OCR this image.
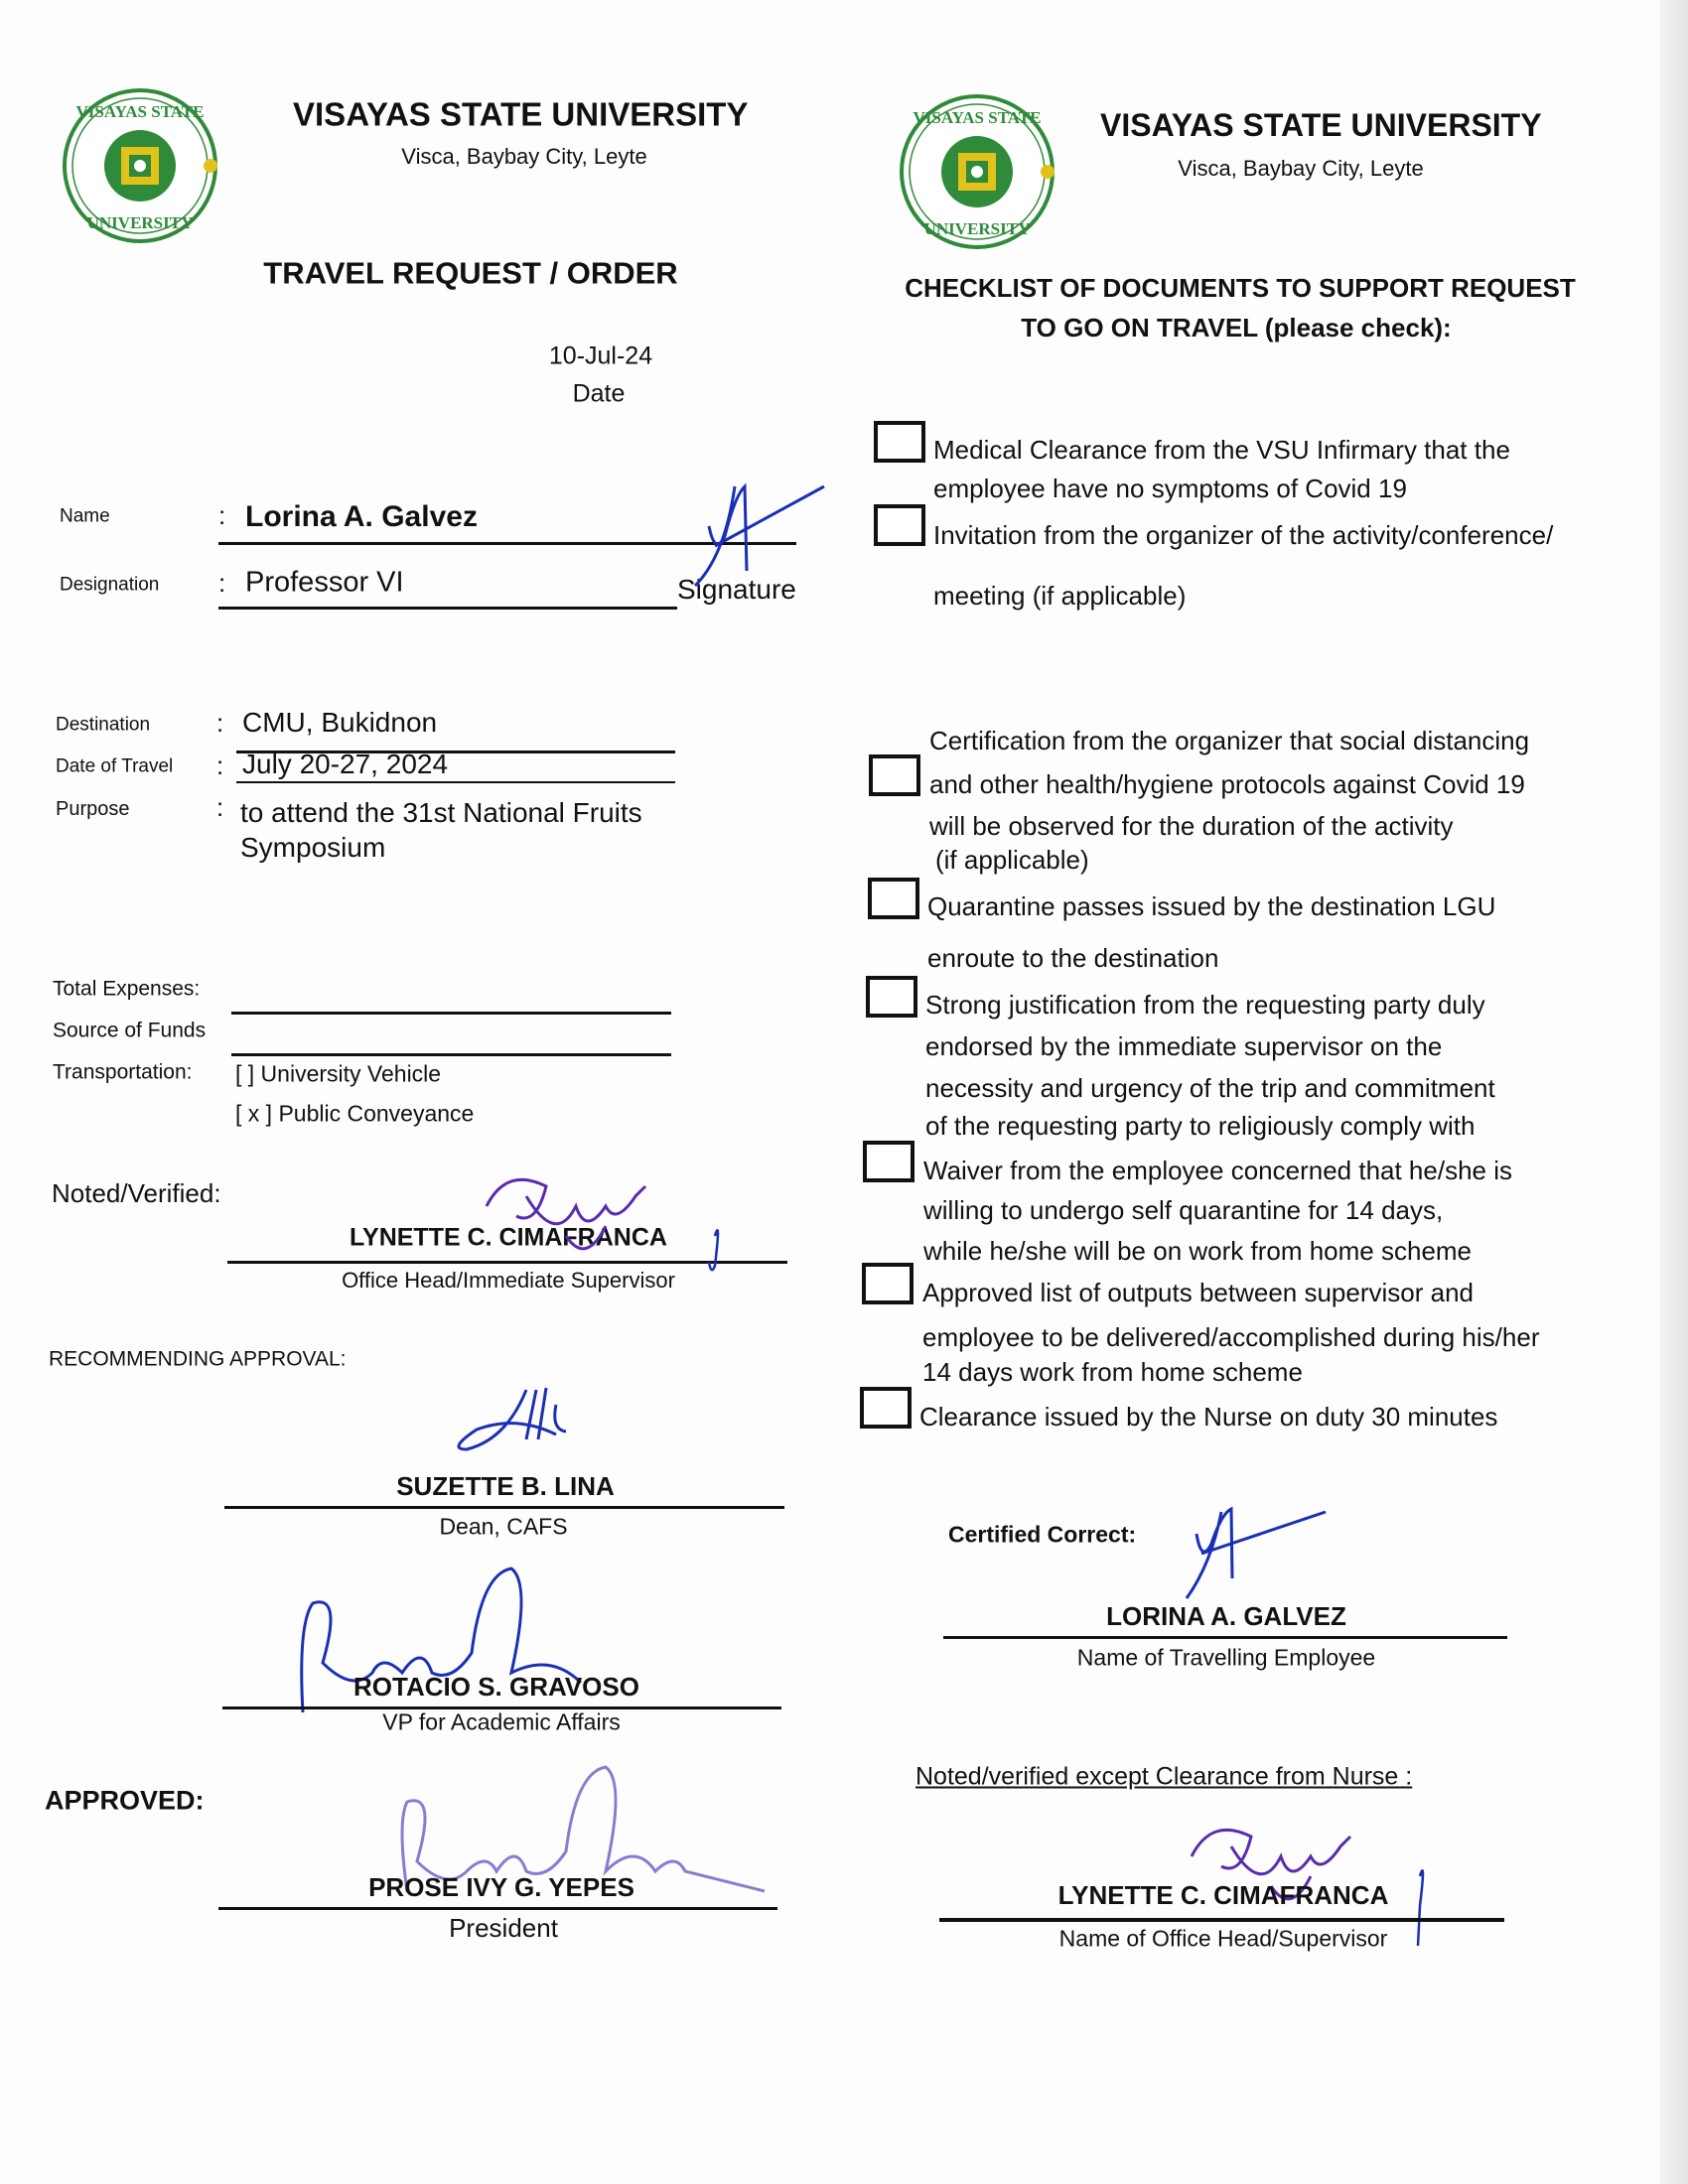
VISAYAS STATE
UNIVERSITY
VISAYAS STATE UNIVERSITY
Visca, Baybay City, Leyte
TRAVEL REQUEST / ORDER
10-Jul-24
Date
Name	: Lorina A. Galvez
Designation : Professor VI	Signature
Destination	: CMU, Bukidnon
Date of Travel : July 20-27, 2024
Purpose	: to attend the 31st National Fruits
Symposium
Total Expenses:
Source of Funds
Transportation: [ ] University Vehicle
[ x ] Public Conveyance
Noted/Verified:
LYNETTE C. CIMAFRANCA
Office Head/Immediate Supervisor
RECOMMENDING APPROVAL:
SUZETTE B. LINA
Dean, CAFS
ROTACIO S. GRAVOSO
VP for Academic Affairs
APPROVED:
PROSE IVY G. YEPES
President
VISAYAS STATE
UNIVERSITY
VISAYAS STATE UNIVERSITY
Visca, Baybay City, Leyte
CHECKLIST OF DOCUMENTS TO SUPPORT REQUEST
TO GO ON TRAVEL (please check):
Medical Clearance from the VSU Infirmary that the
employee have no symptoms of Covid 19
Invitation from the organizer of the activity/conference/
meeting (if applicable)
Certification from the organizer that social distancing
and other health/hygiene protocols against Covid 19
will be observed for the duration of the activity
(if applicable)
Quarantine passes issued by the destination LGU
enroute to the destination
Strong justification from the requesting party duly
endorsed by the immediate supervisor on the
necessity and urgency of the trip and commitment
of the requesting party to religiously comply with
Waiver from the employee concerned that he/she is
willing to undergo self quarantine for 14 days,
while he/she will be on work from home scheme
Approved list of outputs between supervisor and
employee to be delivered/accomplished during his/her
14 days work from home scheme
Clearance issued by the Nurse on duty 30 minutes
Certified Correct:
LORINA A. GALVEZ
Name of Travelling Employee
Noted/verified except Clearance from Nurse :
LYNETTE C. CIMAFRANCA
Name of Office Head/Supervisor
